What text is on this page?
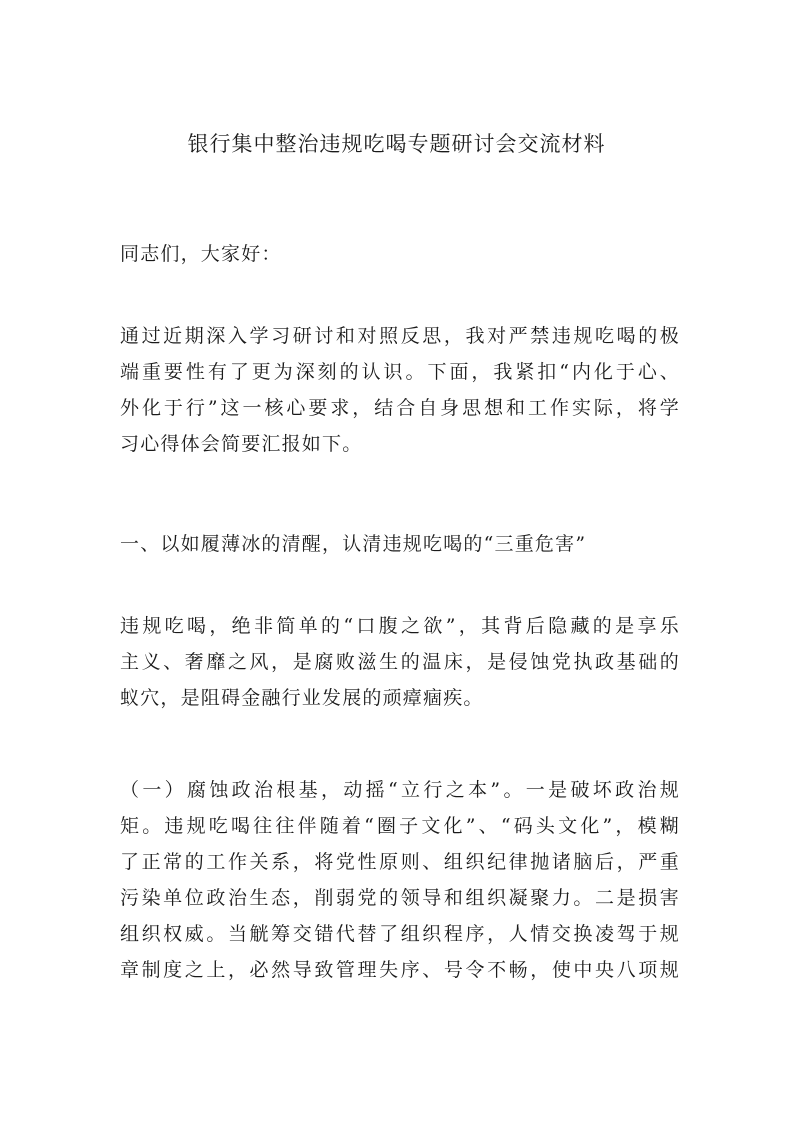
银行集中整治违规吃喝专题研讨会交流材料

同志们，大家好：

通过近期深入学习研讨和对照反思，我对严禁违规吃喝的极
端重要性有了更为深刻的认识。下面，我紧扣“内化于心、
外化于行”这一核心要求，结合自身思想和工作实际，将学
习心得体会简要汇报如下。

一、以如履薄冰的清醒，认清违规吃喝的“三重危害”

违规吃喝，绝非简单的“口腹之欲”，其背后隐藏的是享乐
主义、奢靡之风，是腐败滋生的温床，是侵蚀党执政基础的
蚁穴，是阻碍金融行业发展的顽瘴痼疾。

（一）腐蚀政治根基，动摇“立行之本”。一是破坏政治规
矩。违规吃喝往往伴随着“圈子文化”、“码头文化”，模糊
了正常的工作关系，将党性原则、组织纪律抛诸脑后，严重
污染单位政治生态，削弱党的领导和组织凝聚力。二是损害
组织权威。当觥筹交错代替了组织程序，人情交换凌驾于规
章制度之上，必然导致管理失序、号令不畅，使中央八项规
